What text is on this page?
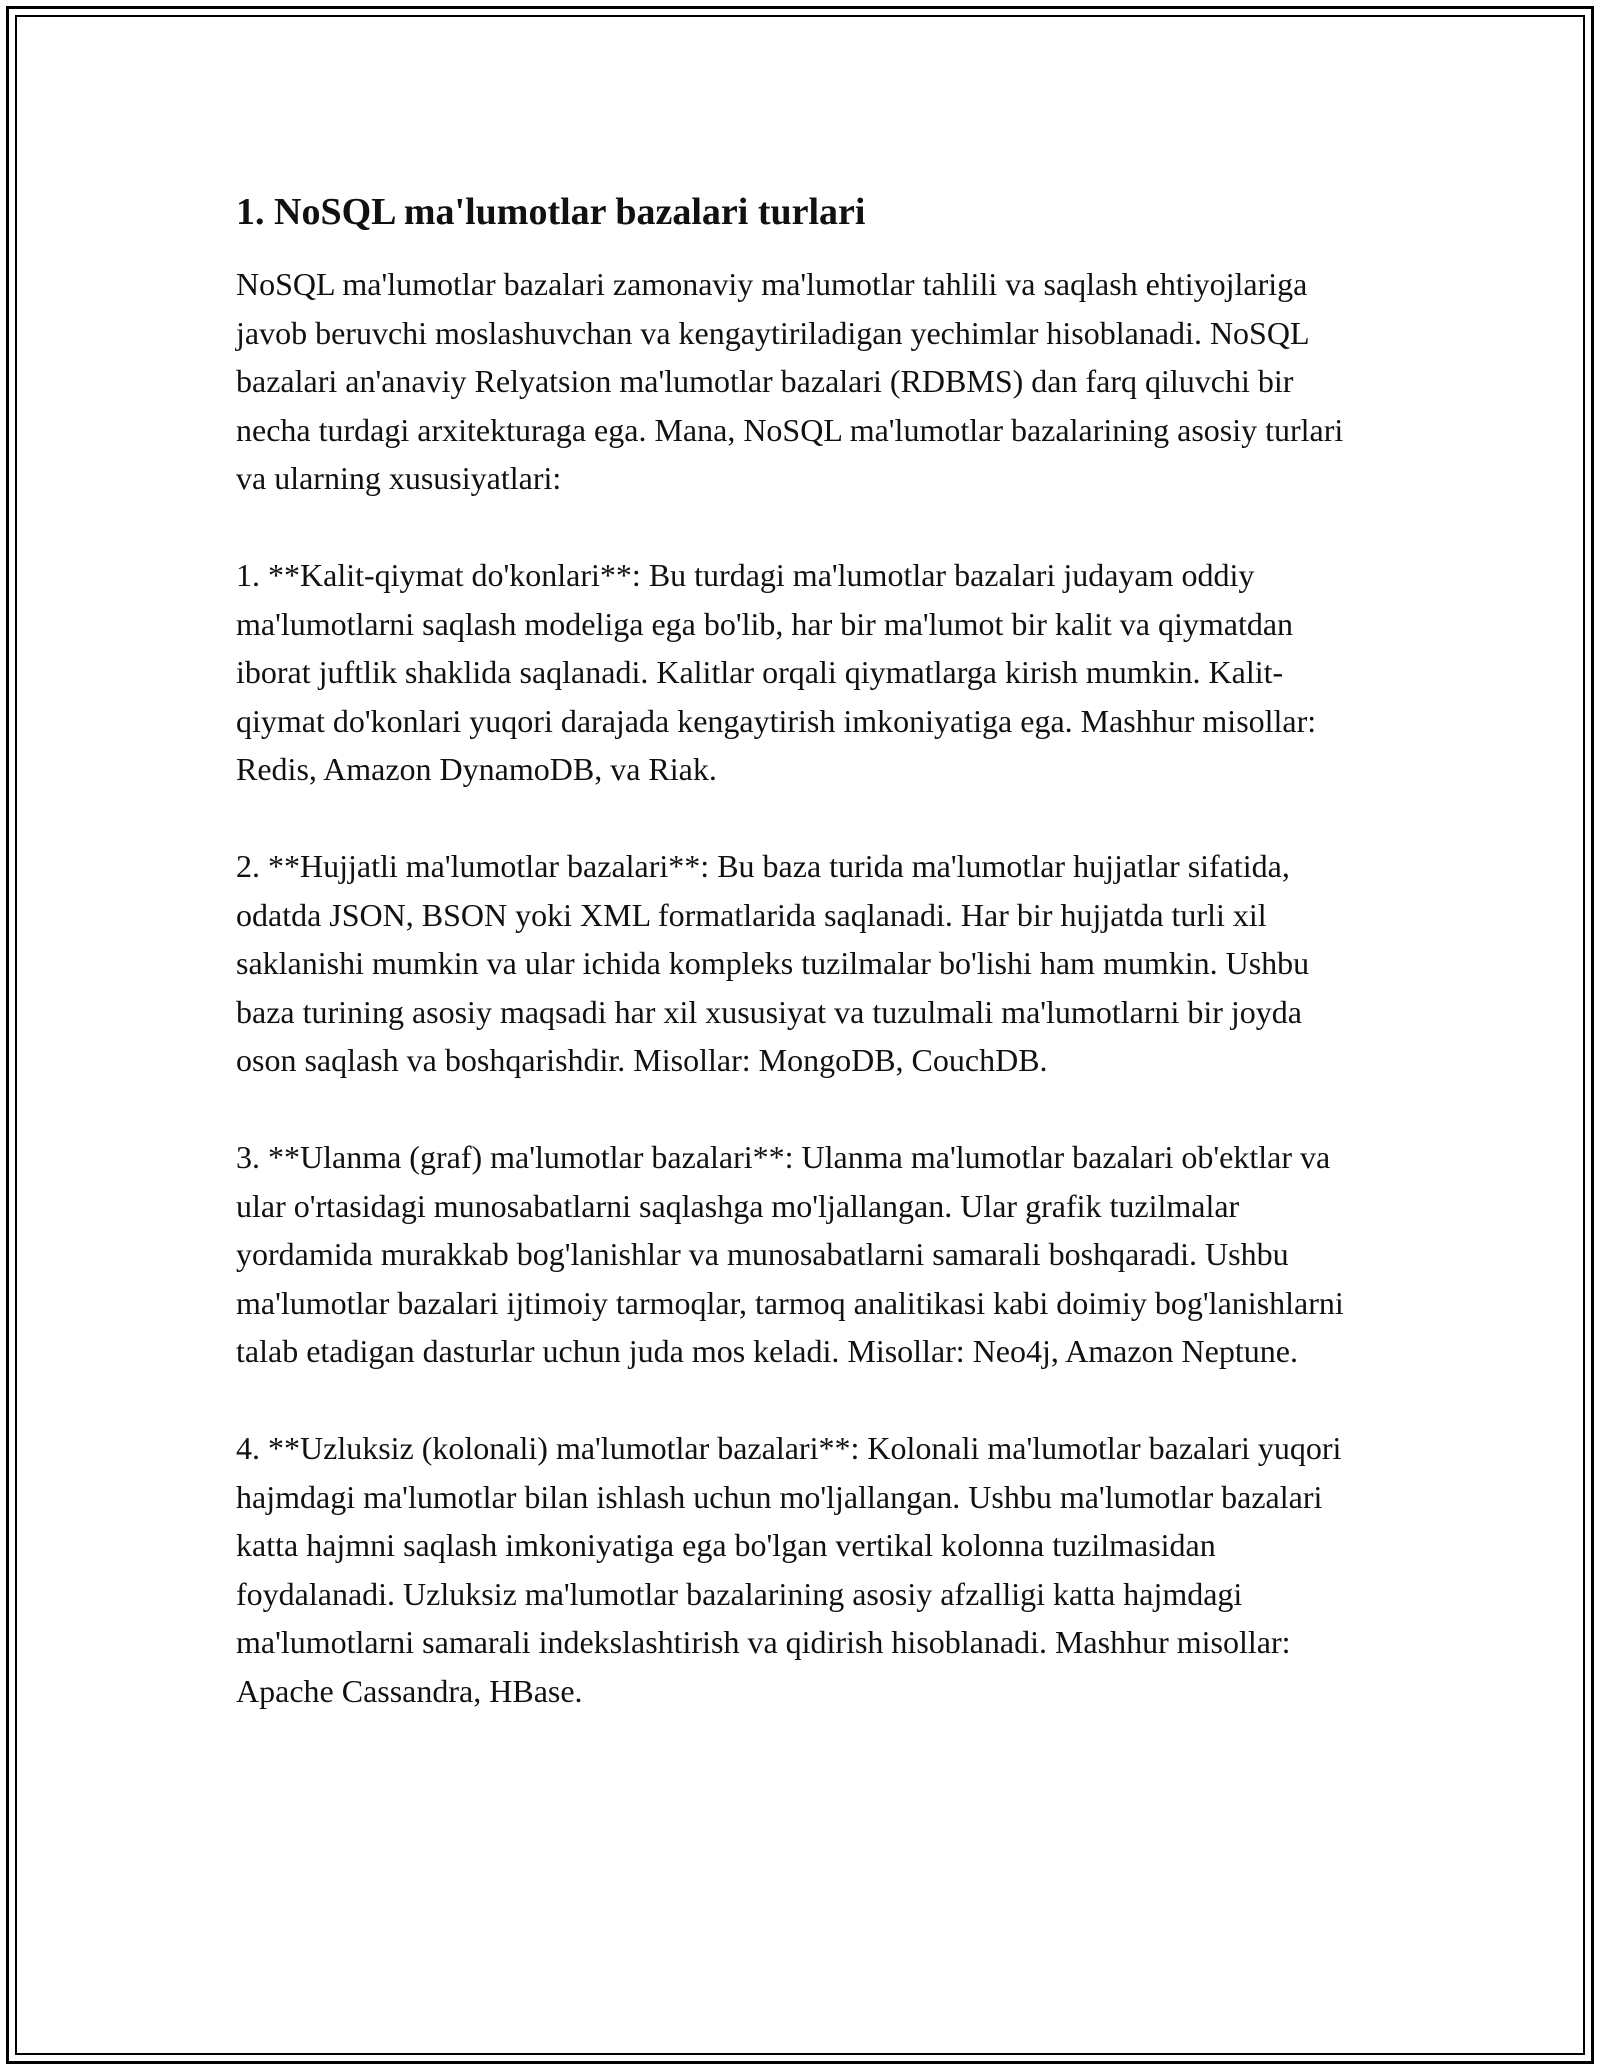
1. NoSQL ma'lumotlar bazalari turlari

NoSQL ma'lumotlar bazalari zamonaviy ma'lumotlar tahlili va saqlash ehtiyojlariga javob beruvchi moslashuvchan va kengaytiriladigan yechimlar hisoblanadi. NoSQL bazalari an'anaviy Relyatsion ma'lumotlar bazalari (RDBMS) dan farq qiluvchi bir necha turdagi arxitekturaga ega. Mana, NoSQL ma'lumotlar bazalarining asosiy turlari va ularning xususiyatlari:

1. **Kalit-qiymat do'konlari**: Bu turdagi ma'lumotlar bazalari judayam oddiy ma'lumotlarni saqlash modeliga ega bo'lib, har bir ma'lumot bir kalit va qiymatdan iborat juftlik shaklida saqlanadi. Kalitlar orqali qiymatlarga kirish mumkin. Kalit-qiymat do'konlari yuqori darajada kengaytirish imkoniyatiga ega. Mashhur misollar: Redis, Amazon DynamoDB, va Riak.

2. **Hujjatli ma'lumotlar bazalari**: Bu baza turida ma'lumotlar hujjatlar sifatida, odatda JSON, BSON yoki XML formatlarida saqlanadi. Har bir hujjatda turli xil saklanishi mumkin va ular ichida kompleks tuzilmalar bo'lishi ham mumkin. Ushbu baza turining asosiy maqsadi har xil xususiyat va tuzulmali ma'lumotlarni bir joyda oson saqlash va boshqarishdir. Misollar: MongoDB, CouchDB.

3. **Ulanma (graf) ma'lumotlar bazalari**: Ulanma ma'lumotlar bazalari ob'ektlar va ular o'rtasidagi munosabatlarni saqlashga mo'ljallangan. Ular grafik tuzilmalar yordamida murakkab bog'lanishlar va munosabatlarni samarali boshqaradi. Ushbu ma'lumotlar bazalari ijtimoiy tarmoqlar, tarmoq analitikasi kabi doimiy bog'lanishlarni talab etadigan dasturlar uchun juda mos keladi. Misollar: Neo4j, Amazon Neptune.

4. **Uzluksiz (kolonali) ma'lumotlar bazalari**: Kolonali ma'lumotlar bazalari yuqori hajmdagi ma'lumotlar bilan ishlash uchun mo'ljallangan. Ushbu ma'lumotlar bazalari katta hajmni saqlash imkoniyatiga ega bo'lgan vertikal kolonna tuzilmasidan foydalanadi. Uzluksiz ma'lumotlar bazalarining asosiy afzalligi katta hajmdagi ma'lumotlarni samarali indekslashtirish va qidirish hisoblanadi. Mashhur misollar: Apache Cassandra, HBase.
